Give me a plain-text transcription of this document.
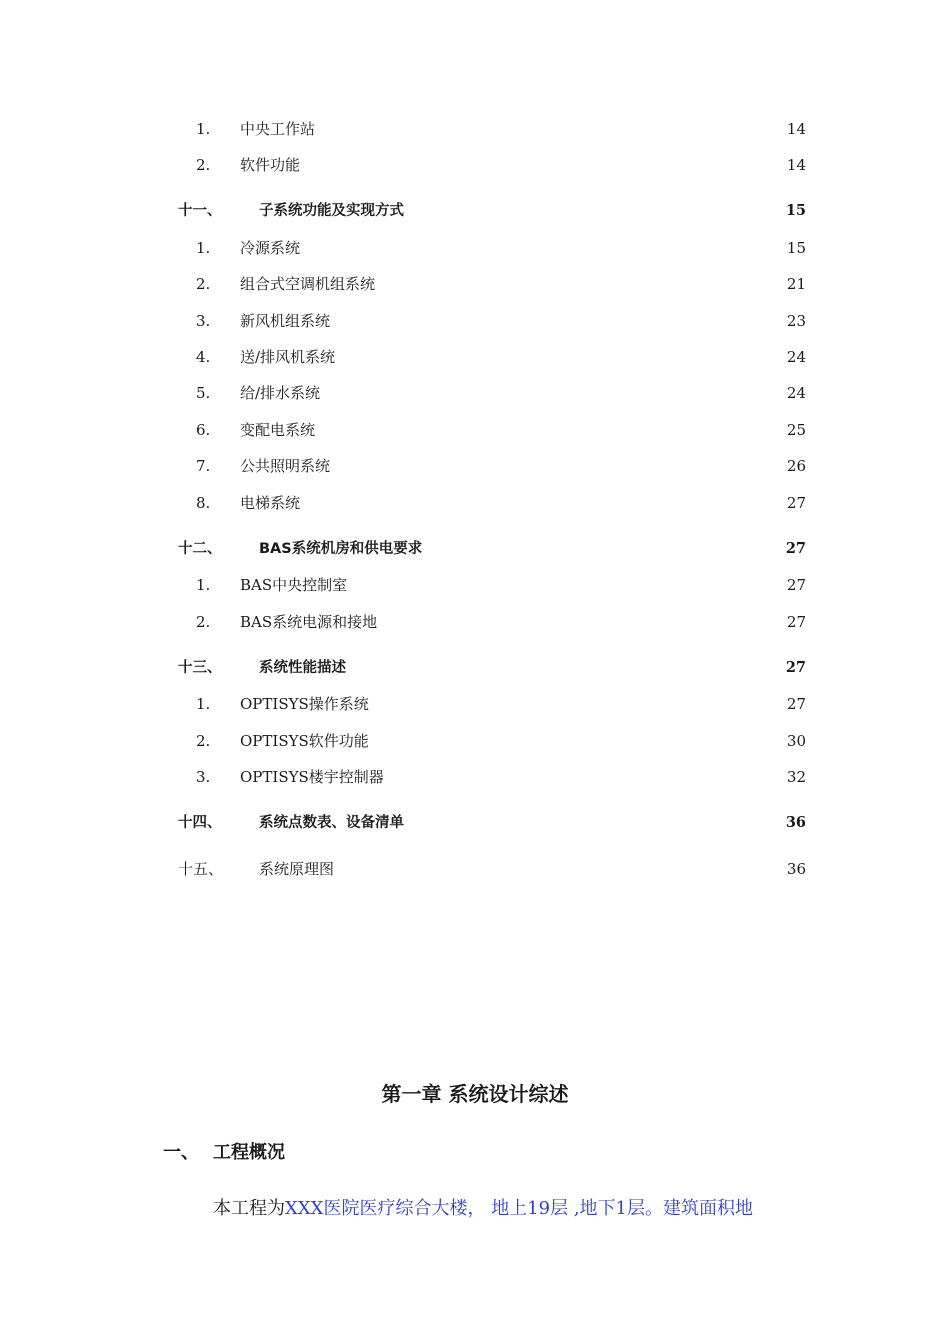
1. 中央工作站	14
2. 软件功能	14
十一、	子系统功能及实现方式	15
1. 冷源系统	15
2. 组合式空调机组系统	21
3. 新风机组系统	23
4. 送/排风机系统	24
5. 给/排水系统	24
6. 变配电系统	25
7. 公共照明系统	26
8. 电梯系统	27
十二、	BAS系统机房和供电要求	27
1. BAS中央控制室	27
2. BAS系统电源和接地	27
十三、	系统性能描述	27
1. OPTISYS操作系统	27
2. OPTISYS软件功能	30
3. OPTISYS楼宇控制器	32
十四、	系统点数表、设备清单	36
十五、 系统原理图	36
第一章 系统设计综述
一、 工程概况
本工程为XXX医院医疗综合大楼， 地上19层 ,地下1层。建筑面积地
